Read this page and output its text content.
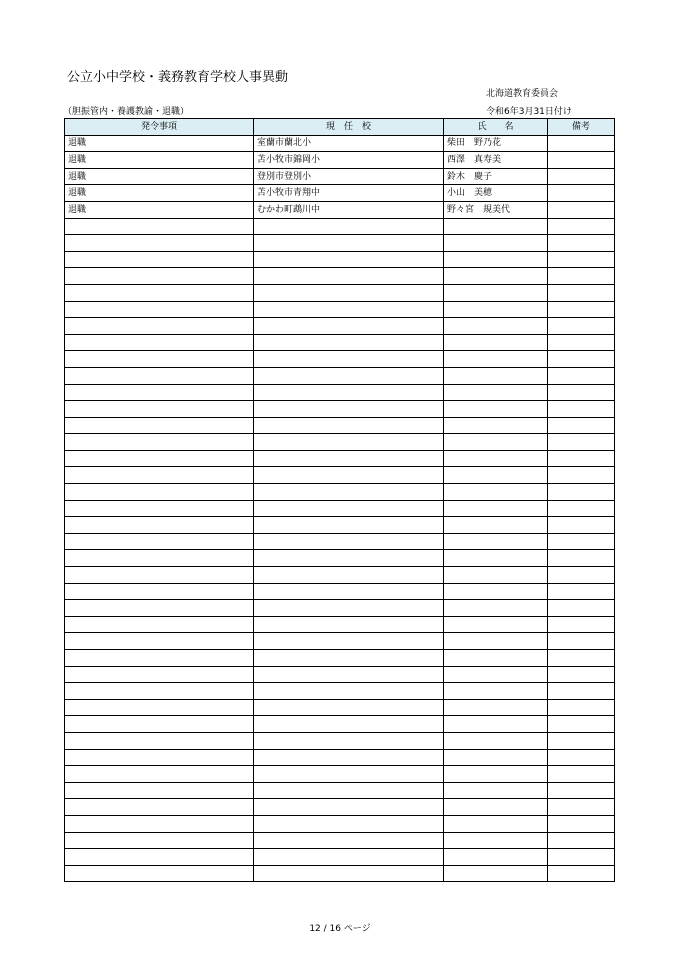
公立小中学校・義務教育学校人事異動
北海道教育委員会
（胆振管内・養護教諭・退職）	令和6年3月31日付け
発令事項	現　任　校	氏　　名	備考
退職	室蘭市蘭北小	柴田　野乃花	
退職	苫小牧市錦岡小	西澤　真寿美	
退職	登別市登別小	鈴木　慶子	
退職	苫小牧市青翔中	小山　美穂	
退職	むかわ町鵡川中	野々宮　規美代	

12 / 16 ページ
